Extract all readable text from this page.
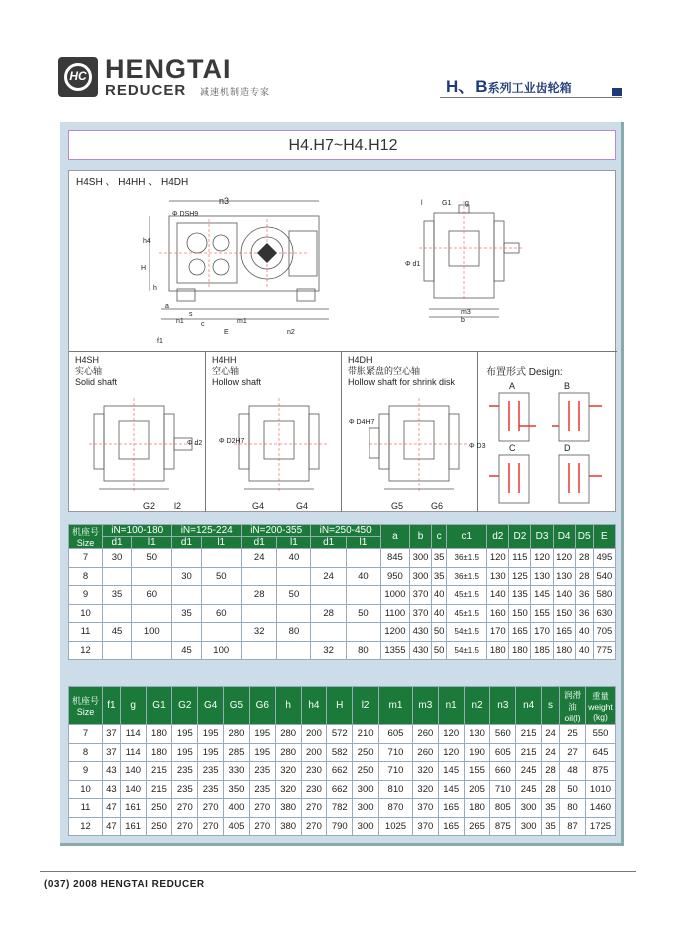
HC HENGTAI
REDUCER 减速机制造专家	H、B系列工业齿轮箱
H4.H7~H4.H12
H4SH 、 H4HH 、 H4DH
n3
Φ DSH9
h4
H
h
a
s
n1	m1
c
E	n2
f1
l	G1 g
Φ d1
m3
b
H4SH
实心轴
Solid shaft
H4HH
空心轴
Hollow shaft
H4DH
带胀紧盘的空心轴
Hollow shaft for shrink disk
布置形式 Design:
G2 l2
Φ d2
G4	G4
Φ D2H7
G5	G6
Φ D4H7
Φ D3
A	B
C	D
机座号 Size	iN=100-180		iN=125-224		iN=200-355		iN=250-450		a	b	c	c1	d2	D2	D3	D4	D5	E
	d1	l1	d1	l1	d1	l1	d1	l1										
7	30	50			24	40			845	300	35	36±1.5	120	115	120	120	28	495
8			30	50			24	40	950	300	35	36±1.5	130	125	130	130	28	540
9	35	60			28	50			1000	370	40	45±1.5	140	135	145	140	36	580
10			35	60			28	50	1100	370	40	45±1.5	160	150	155	150	36	630
11	45	100			32	80			1200	430	50	54±1.5	170	165	170	165	40	705
12			45	100			32	80	1355	430	50	54±1.5	180	180	185	180	40	775
机座号 Size	f1	g	G1	G2	G4	G5	G6	h	h4	H	l2	m1	m3	n1	n2	n3	n4	s	润滑油 oil(l)	重量 weight (kg)
7	37	114	180	195	195	280	195	280	200	572	210	605	260	120	130	560	215	24	25	550
8	37	114	180	195	195	285	195	280	200	582	250	710	260	120	190	605	215	24	27	645
9	43	140	215	235	235	330	235	320	230	662	250	710	320	145	155	660	245	28	48	875
10	43	140	215	235	235	350	235	320	230	662	300	810	320	145	205	710	245	28	50	1010
11	47	161	250	270	270	400	270	380	270	782	300	870	370	165	180	805	300	35	80	1460
12	47	161	250	270	270	405	270	380	270	790	300	1025	370	165	265	875	300	35	87	1725
(037) 2008 HENGTAI REDUCER
